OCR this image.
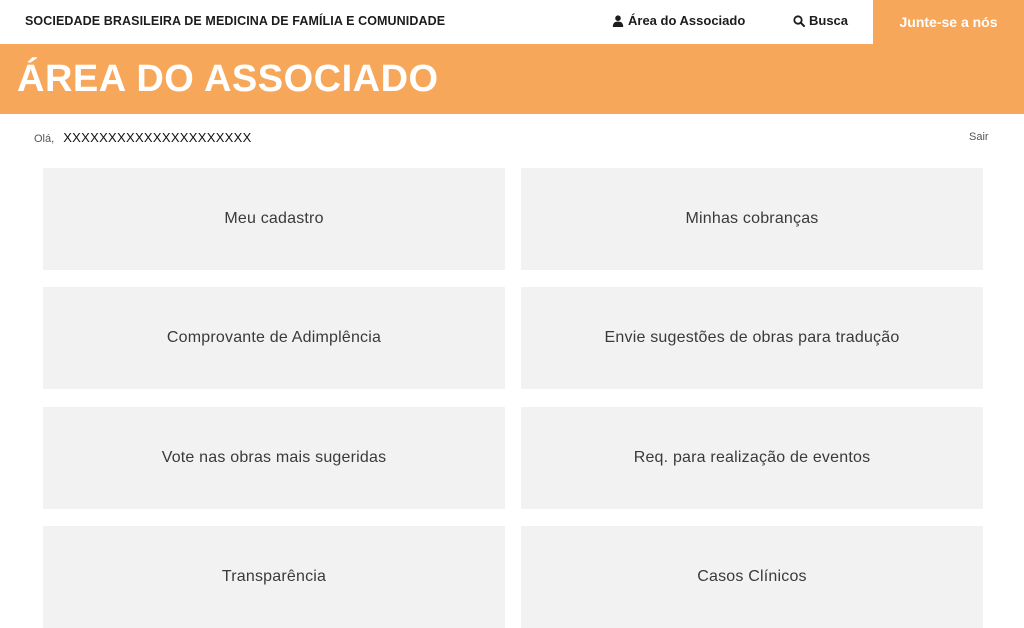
SOCIEDADE BRASILEIRA DE MEDICINA DE FAMÍLIA E COMUNIDADE	Área do Associado	Busca	Junte-se a nós
ÁREA DO ASSOCIADO
Olá, XXXXXXXXXXXXXXXXXXXXX	Sair
Meu cadastro	Minhas cobranças
Comprovante de Adimplência	Envie sugestões de obras para tradução
Vote nas obras mais sugeridas	Req. para realização de eventos
Transparência	Casos Clínicos
